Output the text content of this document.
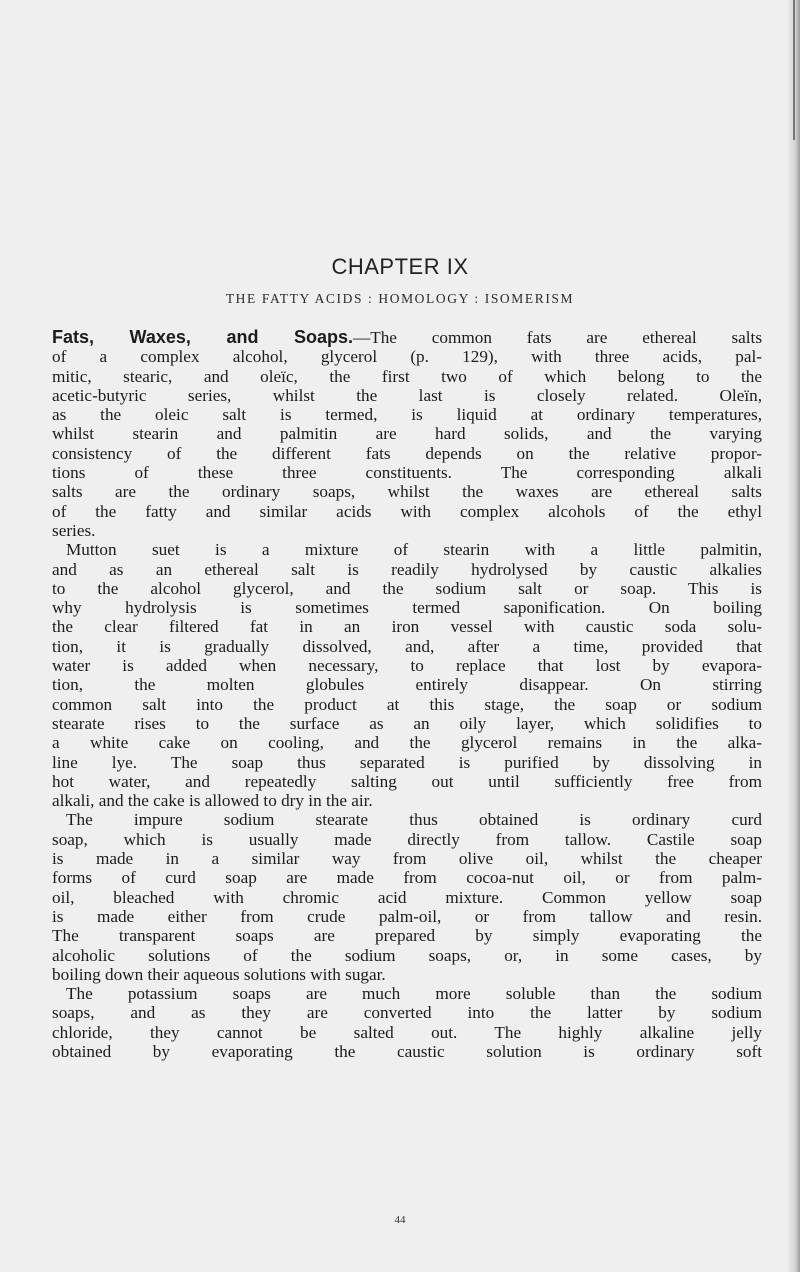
CHAPTER IX
THE FATTY ACIDS : HOMOLOGY : ISOMERISM
Fats, Waxes, and Soaps.—The common fats are ethereal salts
of a complex alcohol, glycerol (p. 129), with three acids, pal-
mitic, stearic, and oleïc, the first two of which belong to the
acetic-butyric series, whilst the last is closely related. Oleïn,
as the oleic salt is termed, is liquid at ordinary temperatures,
whilst stearin and palmitin are hard solids, and the varying
consistency of the different fats depends on the relative propor-
tions of these three constituents. The corresponding alkali
salts are the ordinary soaps, whilst the waxes are ethereal salts
of the fatty and similar acids with complex alcohols of the ethyl
series.
Mutton suet is a mixture of stearin with a little palmitin,
and as an ethereal salt is readily hydrolysed by caustic alkalies
to the alcohol glycerol, and the sodium salt or soap. This is
why hydrolysis is sometimes termed saponification. On boiling
the clear filtered fat in an iron vessel with caustic soda solu-
tion, it is gradually dissolved, and, after a time, provided that
water is added when necessary, to replace that lost by evapora-
tion, the molten globules entirely disappear. On stirring
common salt into the product at this stage, the soap or sodium
stearate rises to the surface as an oily layer, which solidifies to
a white cake on cooling, and the glycerol remains in the alka-
line lye. The soap thus separated is purified by dissolving in
hot water, and repeatedly salting out until sufficiently free from
alkali, and the cake is allowed to dry in the air.
The impure sodium stearate thus obtained is ordinary curd
soap, which is usually made directly from tallow. Castile soap
is made in a similar way from olive oil, whilst the cheaper
forms of curd soap are made from cocoa-nut oil, or from palm-
oil, bleached with chromic acid mixture. Common yellow soap
is made either from crude palm-oil, or from tallow and resin.
The transparent soaps are prepared by simply evaporating the
alcoholic solutions of the sodium soaps, or, in some cases, by
boiling down their aqueous solutions with sugar.
The potassium soaps are much more soluble than the sodium
soaps, and as they are converted into the latter by sodium
chloride, they cannot be salted out. The highly alkaline jelly
obtained by evaporating the caustic solution is ordinary soft
44
